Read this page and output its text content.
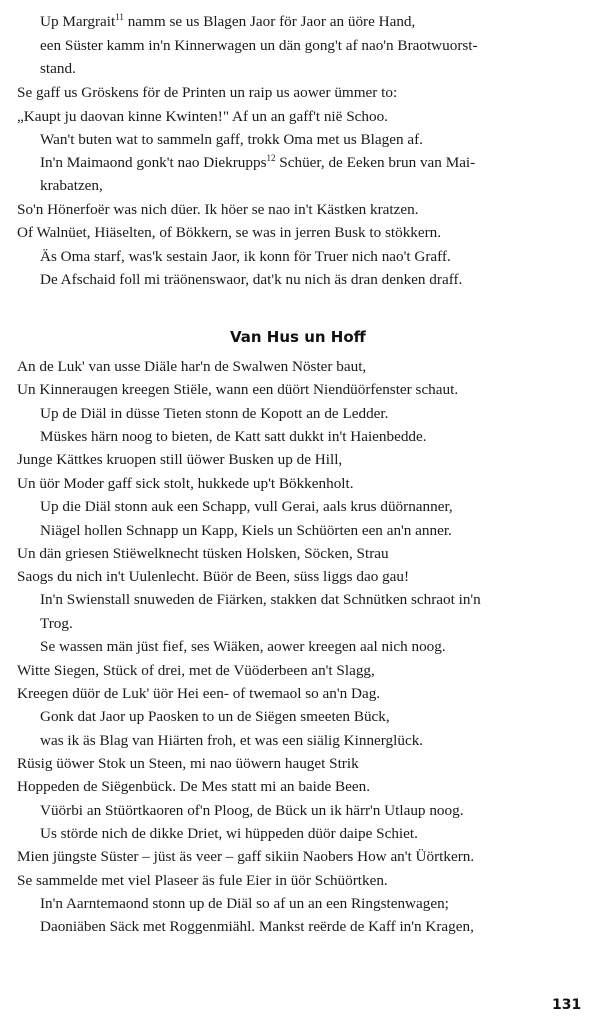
Up Margrait$^{11}$ namm se us Blagen Jaor för Jaor an üöre Hand,
een Süster kamm in'n Kinnerwagen un dän gong't af nao'n Braotwuorst-
stand.
Se gaff us Gröskens för de Printen un raip us aower ümmer to:
„Kaupt ju daovan kinne Kwinten!" Af un an gaff't nië Schoo.
Wan't buten wat to sammeln gaff, trokk Oma met us Blagen af.
In'n Maimaond gonk't nao Diekrupps$^{12}$ Schüer, de Eeken brun van Mai-
krabatzen,
So'n Hönerfoër was nich düer. Ik höer se nao in't Kästken kratzen.
Of Walnüet, Hiäselten, of Bökkern, se was in jerren Busk to stökkern.
Äs Oma starf, was'k sestain Jaor, ik konn för Truer nich nao't Graff.
De Afschaid foll mi träönenswaor, dat'k nu nich äs dran denken draff.
Van Hus un Hoff
An de Luk' van usse Diäle har'n de Swalwen Nöster baut,
Un Kinneraugen kreegen Stiële, wann een düört Niendüörfenster schaut.
Up de Diäl in düsse Tieten stonn de Kopott an de Ledder.
Müskes härn noog to bieten, de Katt satt dukkt in't Haienbedde.
Junge Kättkes kruopen still üöwer Busken up de Hill,
Un üör Moder gaff sick stolt, hukkede up't Bökkenholt.
Up die Diäl stonn auk een Schapp, vull Gerai, aals krus düörnanner,
Niägel hollen Schnapp un Kapp, Kiels un Schüörten een an'n anner.
Un dän griesen Stiëwelknecht tüsken Holsken, Söcken, Strau
Saogs du nich in't Uulenlecht. Büör de Been, süss liggs dao gau!
In'n Swienstall snuweden de Fiärken, stakken dat Schnütken schraot in'n
Trog.
Se wassen män jüst fief, ses Wiäken, aower kreegen aal nich noog.
Witte Siegen, Stück of drei, met de Vüöderbeen an't Slagg,
Kreegen düör de Luk' üör Hei een- of twemaol so an'n Dag.
Gonk dat Jaor up Paosken to un de Siëgen smeeten Bück,
was ik äs Blag van Hiärten froh, et was een siälig Kinnerglück.
Rüsig üöwer Stok un Steen, mi nao üöwern hauget Strik
Hoppeden de Siëgenbück. De Mes statt mi an baide Been.
Vüörbi an Stüörtkaoren of'n Ploog, de Bück un ik härr'n Utlaup noog.
Us störde nich de dikke Driet, wi hüppeden düör daipe Schiet.
Mien jüngste Süster – jüst äs veer – gaff sikiin Naobers How an't Üörtkern.
Se sammelde met viel Plaseer äs fule Eier in üör Schüörtken.
In'n Aarntemaond stonn up de Diäl so af un an een Ringstenwagen;
Daoniäben Säck met Roggenmiähl. Mankst reërde de Kaff in'n Kragen,
131
